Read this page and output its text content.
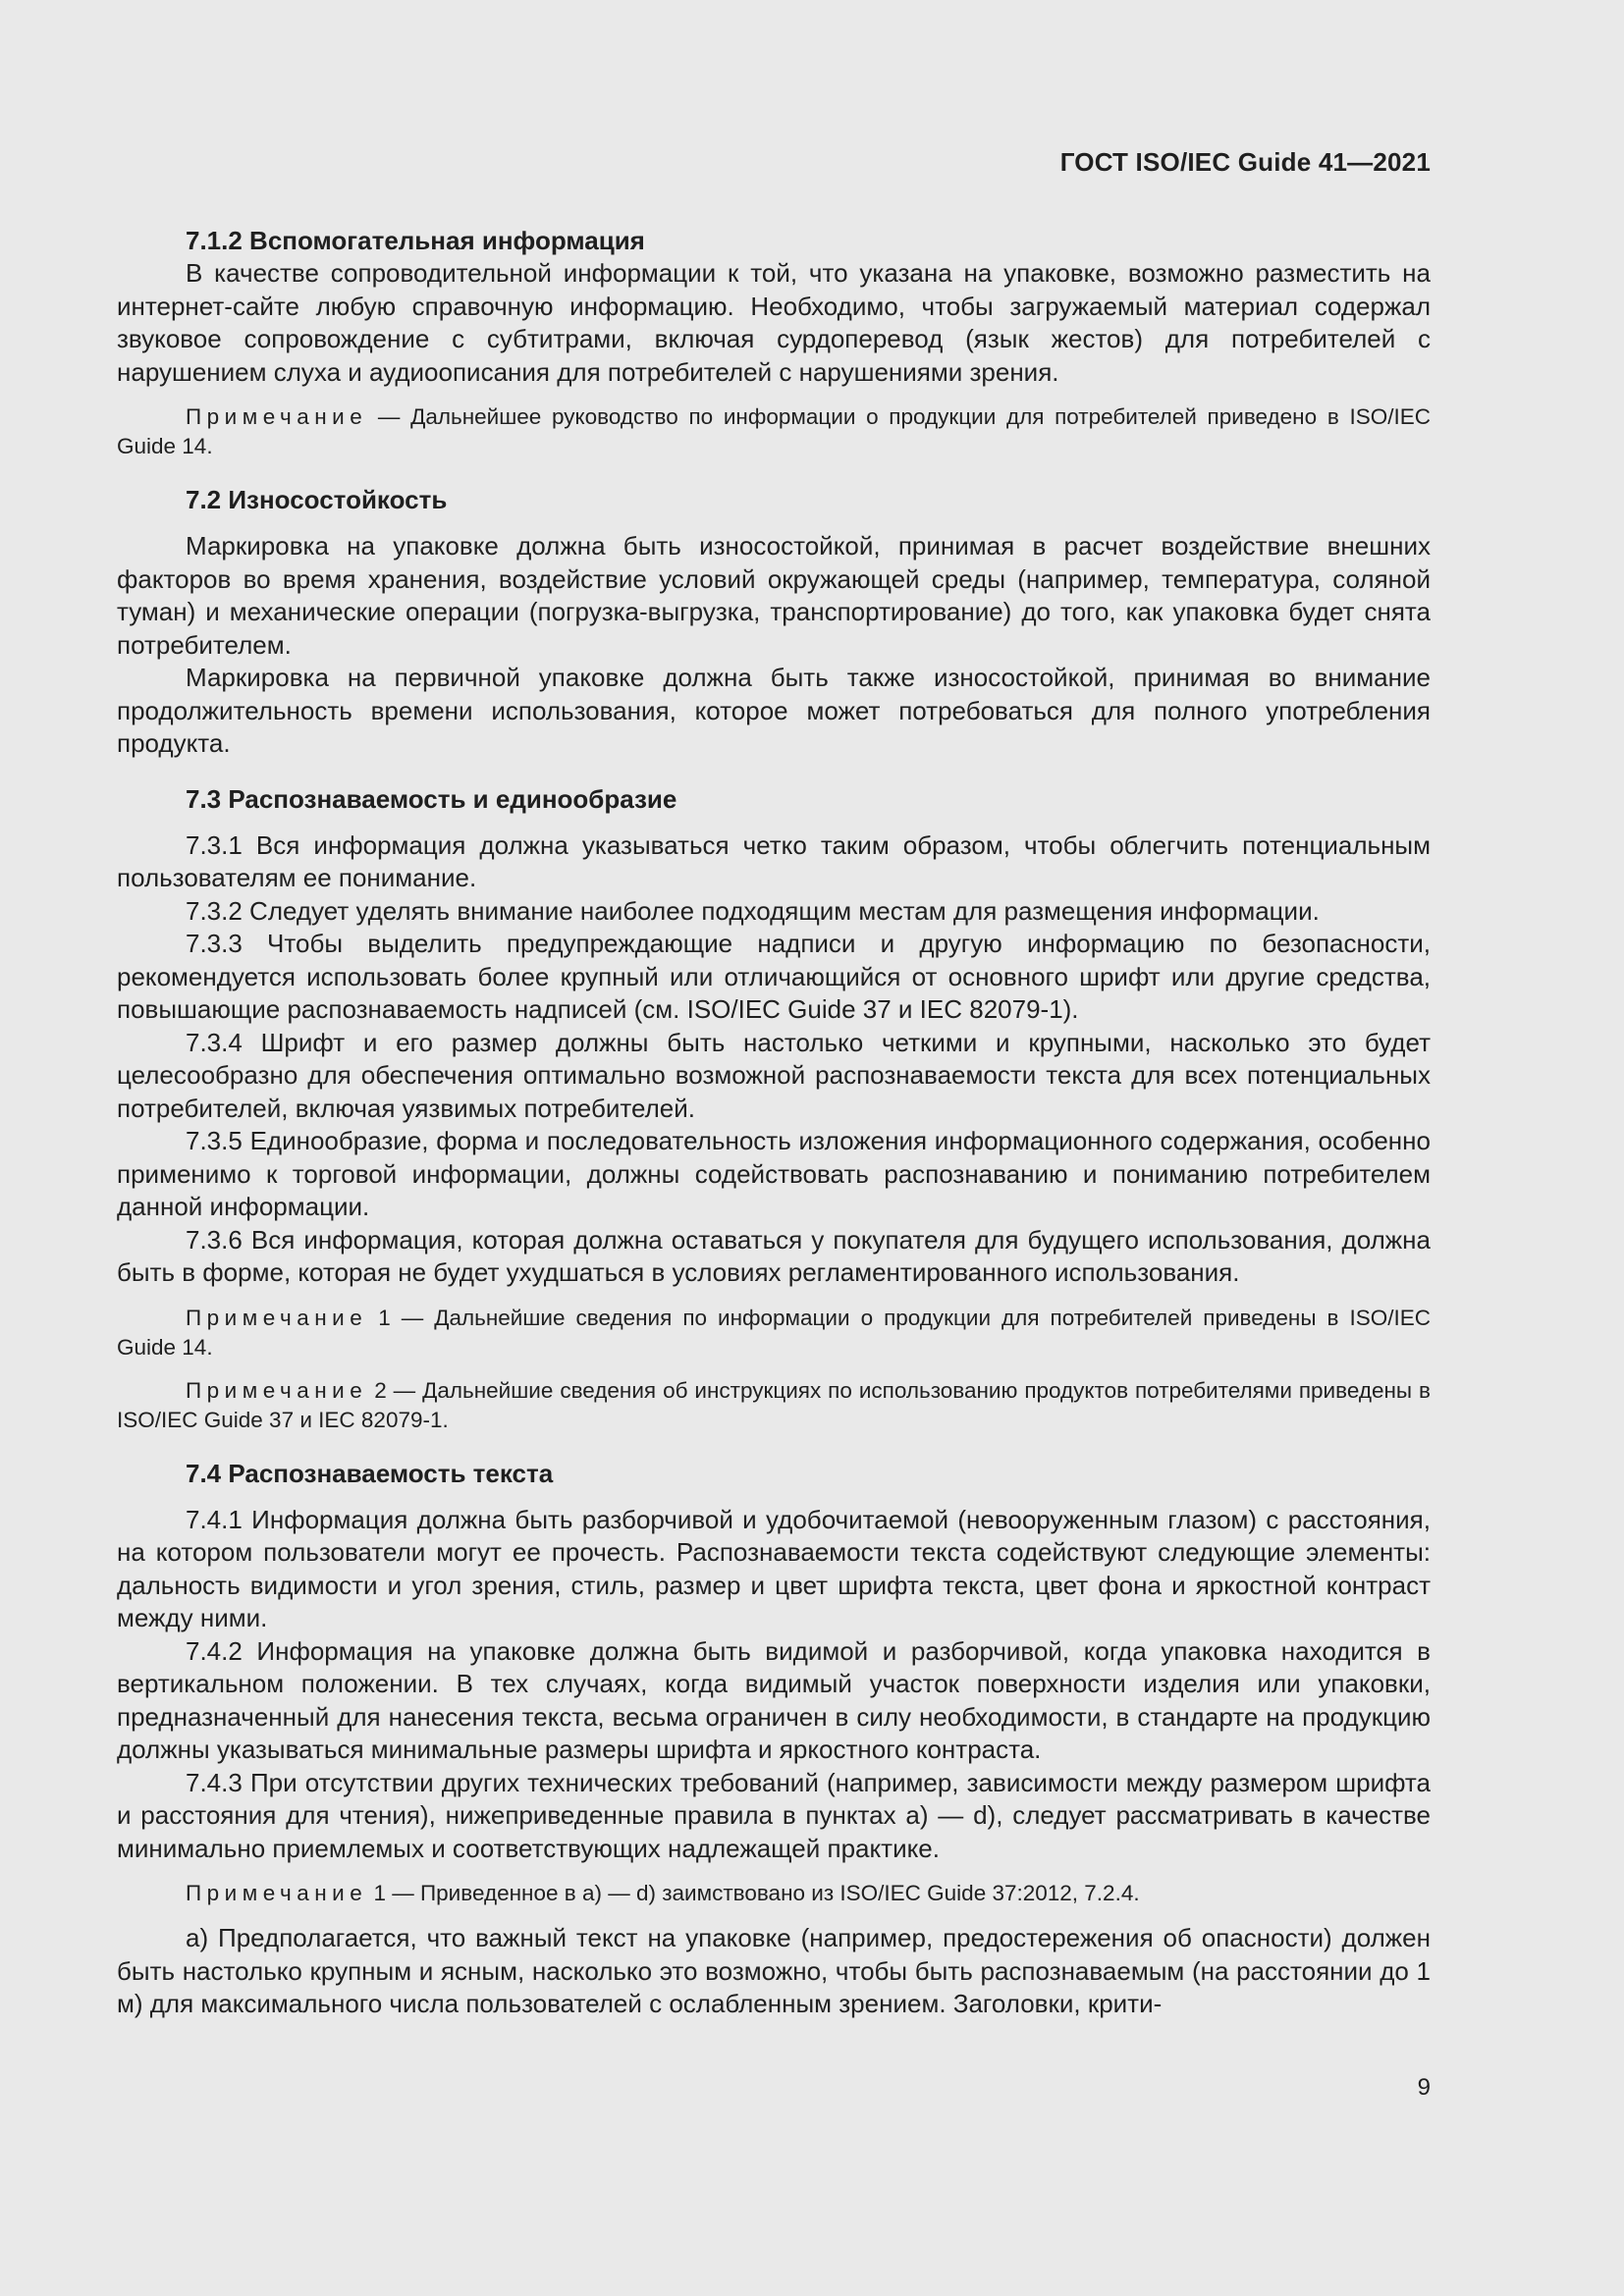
ГОСТ ISO/IEC Guide 41—2021
7.1.2 Вспомогательная информация

В качестве сопроводительной информации к той, что указана на упаковке, возможно разместить на интернет-сайте любую справочную информацию. Необходимо, чтобы загружаемый материал содержал звуковое сопровождение с субтитрами, включая сурдоперевод (язык жестов) для потребителей с нарушением слуха и аудиоописания для потребителей с нарушениями зрения.

Примечание — Дальнейшее руководство по информации о продукции для потребителей приведено в ISO/IEC Guide 14.

7.2 Износостойкость

Маркировка на упаковке должна быть износостойкой, принимая в расчет воздействие внешних факторов во время хранения, воздействие условий окружающей среды (например, температура, соляной туман) и механические операции (погрузка-выгрузка, транспортирование) до того, как упаковка будет снята потребителем.

Маркировка на первичной упаковке должна быть также износостойкой, принимая во внимание продолжительность времени использования, которое может потребоваться для полного употребления продукта.

7.3 Распознаваемость и единообразие

7.3.1 Вся информация должна указываться четко таким образом, чтобы облегчить потенциальным пользователям ее понимание.

7.3.2 Следует уделять внимание наиболее подходящим местам для размещения информации.

7.3.3 Чтобы выделить предупреждающие надписи и другую информацию по безопасности, рекомендуется использовать более крупный или отличающийся от основного шрифт или другие средства, повышающие распознаваемость надписей (см. ISO/IEC Guide 37 и IEC 82079-1).

7.3.4 Шрифт и его размер должны быть настолько четкими и крупными, насколько это будет целесообразно для обеспечения оптимально возможной распознаваемости текста для всех потенциальных потребителей, включая уязвимых потребителей.

7.3.5 Единообразие, форма и последовательность изложения информационного содержания, особенно применимо к торговой информации, должны содействовать распознаванию и пониманию потребителем данной информации.

7.3.6 Вся информация, которая должна оставаться у покупателя для будущего использования, должна быть в форме, которая не будет ухудшаться в условиях регламентированного использования.

Примечание 1 — Дальнейшие сведения по информации о продукции для потребителей приведены в ISO/IEC Guide 14.

Примечание 2 — Дальнейшие сведения об инструкциях по использованию продуктов потребителями приведены в ISO/IEC Guide 37 и IEC 82079-1.

7.4 Распознаваемость текста

7.4.1 Информация должна быть разборчивой и удобочитаемой (невооруженным глазом) с расстояния, на котором пользователи могут ее прочесть. Распознаваемости текста содействуют следующие элементы: дальность видимости и угол зрения, стиль, размер и цвет шрифта текста, цвет фона и яркостной контраст между ними.

7.4.2 Информация на упаковке должна быть видимой и разборчивой, когда упаковка находится в вертикальном положении. В тех случаях, когда видимый участок поверхности изделия или упаковки, предназначенный для нанесения текста, весьма ограничен в силу необходимости, в стандарте на продукцию должны указываться минимальные размеры шрифта и яркостного контраста.

7.4.3 При отсутствии других технических требований (например, зависимости между размером шрифта и расстояния для чтения), нижеприведенные правила в пунктах а) — d), следует рассматривать в качестве минимально приемлемых и соответствующих надлежащей практике.

Примечание 1 — Приведенное в а) — d) заимствовано из ISO/IEC Guide 37:2012, 7.2.4.

а) Предполагается, что важный текст на упаковке (например, предостережения об опасности) должен быть настолько крупным и ясным, насколько это возможно, чтобы быть распознаваемым (на расстоянии до 1 м) для максимального числа пользователей с ослабленным зрением. Заголовки, крити-

9
